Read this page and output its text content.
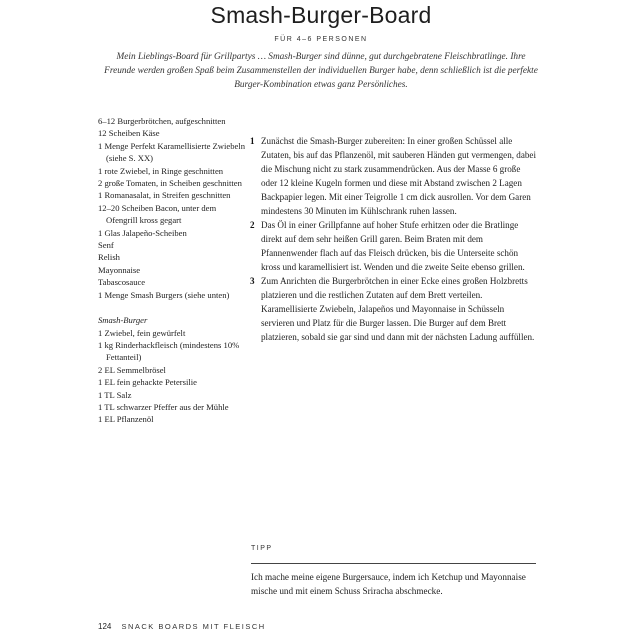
Smash-Burger-Board
FÜR 4–6 PERSONEN
Mein Lieblings-Board für Grillpartys … Smash-Burger sind dünne, gut durchgebratene Fleischbratlinge. Ihre Freunde werden großen Spaß beim Zusammenstellen der individuellen Burger habe, denn schließlich ist die perfekte Burger-Kombination etwas ganz Persönliches.
6–12 Burgerbrötchen, aufgeschnitten
12 Scheiben Käse
1 Menge Perfekt Karamellisierte Zwiebeln (siehe S. XX)
1 rote Zwiebel, in Ringe geschnitten
2 große Tomaten, in Scheiben geschnitten
1 Romanasalat, in Streifen geschnitten
12–20 Scheiben Bacon, unter dem Ofengrill kross gegart
1 Glas Jalapeño-Scheiben
Senf
Relish
Mayonnaise
Tabascosauce
1 Menge Smash Burgers (siehe unten)
Smash-Burger
1 Zwiebel, fein gewürfelt
1 kg Rinderhackfleisch (mindestens 10% Fettanteil)
2 EL Semmelbrösel
1 EL fein gehackte Petersilie
1 TL Salz
1 TL schwarzer Pfeffer aus der Mühle
1 EL Pflanzenöl
1 Zunächst die Smash-Burger zubereiten: In einer großen Schüssel alle Zutaten, bis auf das Pflanzenöl, mit sauberen Händen gut vermengen, dabei die Mischung nicht zu stark zusammendrücken. Aus der Masse 6 große oder 12 kleine Kugeln formen und diese mit Abstand zwischen 2 Lagen Backpapier legen. Mit einer Teigrolle 1 cm dick ausrollen. Vor dem Garen mindestens 30 Minuten im Kühlschrank ruhen lassen.
2 Das Öl in einer Grillpfanne auf hoher Stufe erhitzen oder die Bratlinge direkt auf dem sehr heißen Grill garen. Beim Braten mit dem Pfannenwender flach auf das Fleisch drücken, bis die Unterseite schön kross und karamellisiert ist. Wenden und die zweite Seite ebenso grillen.
3 Zum Anrichten die Burgerbrötchen in einer Ecke eines großen Holzbretts platzieren und die restlichen Zutaten auf dem Brett verteilen. Karamellisierte Zwiebeln, Jalapeños und Mayonnaise in Schüsseln servieren und Platz für die Burger lassen. Die Burger auf dem Brett platzieren, sobald sie gar sind und dann mit der nächsten Ladung auffüllen.
TIPP
Ich mache meine eigene Burgersauce, indem ich Ketchup und Mayonnaise mische und mit einem Schuss Sriracha abschmecke.
124 SNACK BOARDS MIT FLEISCH
